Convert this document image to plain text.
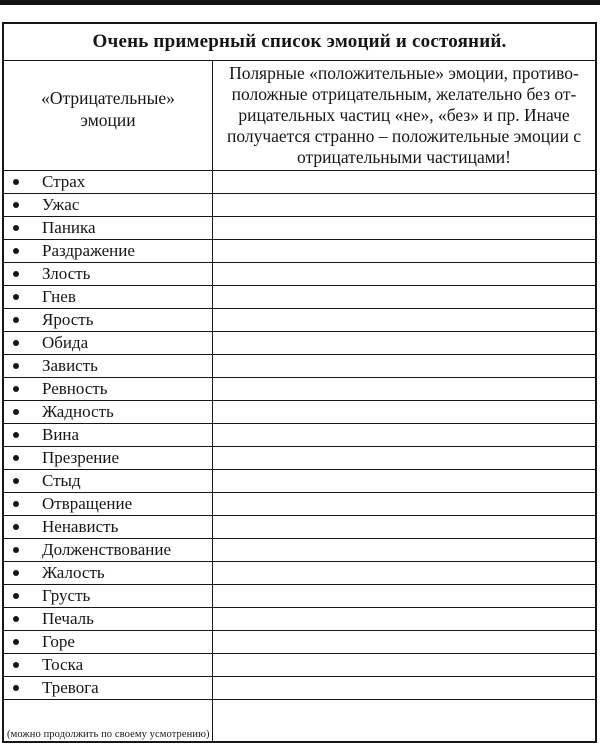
Очень примерный список эмоций и состояний.
«Отрицательные»
эмоции
Полярные «положительные» эмоции, противо-
положные отрицательным, желательно без от-
рицательных частиц «не», «без» и пр. Иначе
получается странно – положительные эмоции с
отрицательными частицами!
Страх
Ужас
Паника
Раздражение
Злость
Гнев
Ярость
Обида
Зависть
Ревность
Жадность
Вина
Презрение
Стыд
Отвращение
Ненависть
Долженствование
Жалость
Грусть
Печаль
Горе
Тоска
Тревога
(можно продолжить по своему усмотрению)
